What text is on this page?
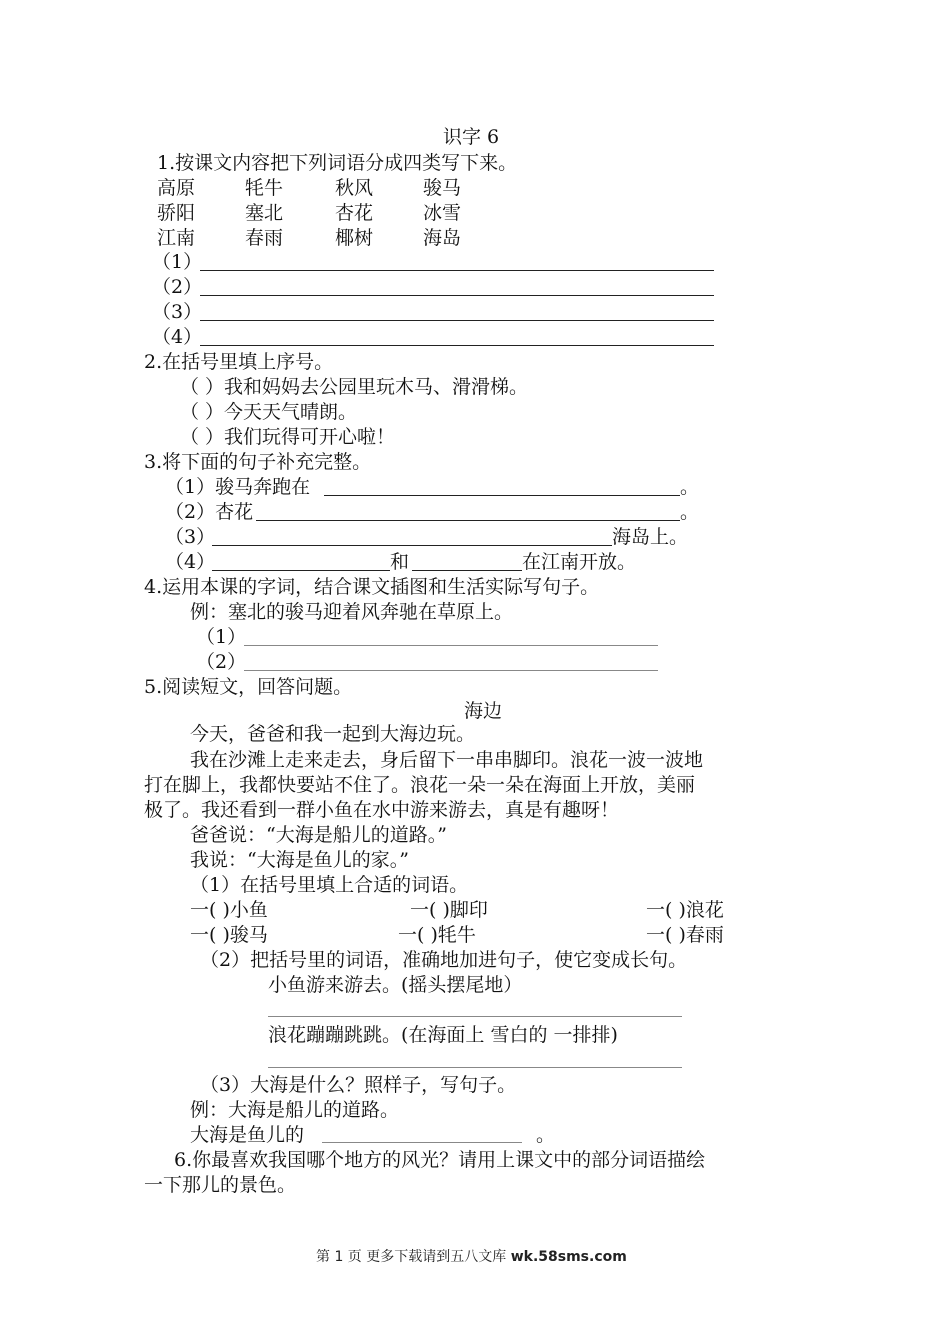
识字 6
1.按课文内容把下列词语分成四类写下来。
高原	牦牛	秋风	骏马
骄阳	塞北	杏花	冰雪
江南	春雨	椰树	海岛
（1）
（2）
（3）
（4）
2.在括号里填上序号。
（ ）我和妈妈去公园里玩木马、滑滑梯。
（ ）今天天气晴朗。
（ ）我们玩得可开心啦！
3.将下面的句子补充完整。
（1）骏马奔跑在	。
（2）杏花	。
（3）	海岛上。
（4）	和	在江南开放。
4.运用本课的字词，结合课文插图和生活实际写句子。
例：塞北的骏马迎着风奔驰在草原上。
（1）
（2）
5.阅读短文，回答问题。
海边
今天，爸爸和我一起到大海边玩。
我在沙滩上走来走去，身后留下一串串脚印。浪花一波一波地
打在脚上，我都快要站不住了。浪花一朵一朵在海面上开放，美丽
极了。我还看到一群小鱼在水中游来游去，真是有趣呀！
爸爸说：“大海是船儿的道路。”
我说：“大海是鱼儿的家。”
（1）在括号里填上合适的词语。
一( )小鱼	一( )脚印	一( )浪花
一( )骏马	一( )牦牛	一( )春雨
（2）把括号里的词语，准确地加进句子，使它变成长句。
小鱼游来游去。(摇头摆尾地）
浪花蹦蹦跳跳。(在海面上 雪白的 一排排)
（3）大海是什么？照样子，写句子。
例：大海是船儿的道路。
大海是鱼儿的	。
6.你最喜欢我国哪个地方的风光？请用上课文中的部分词语描绘
一下那儿的景色。
第 1 页 更多下载请到五八文库 wk.58sms.com
